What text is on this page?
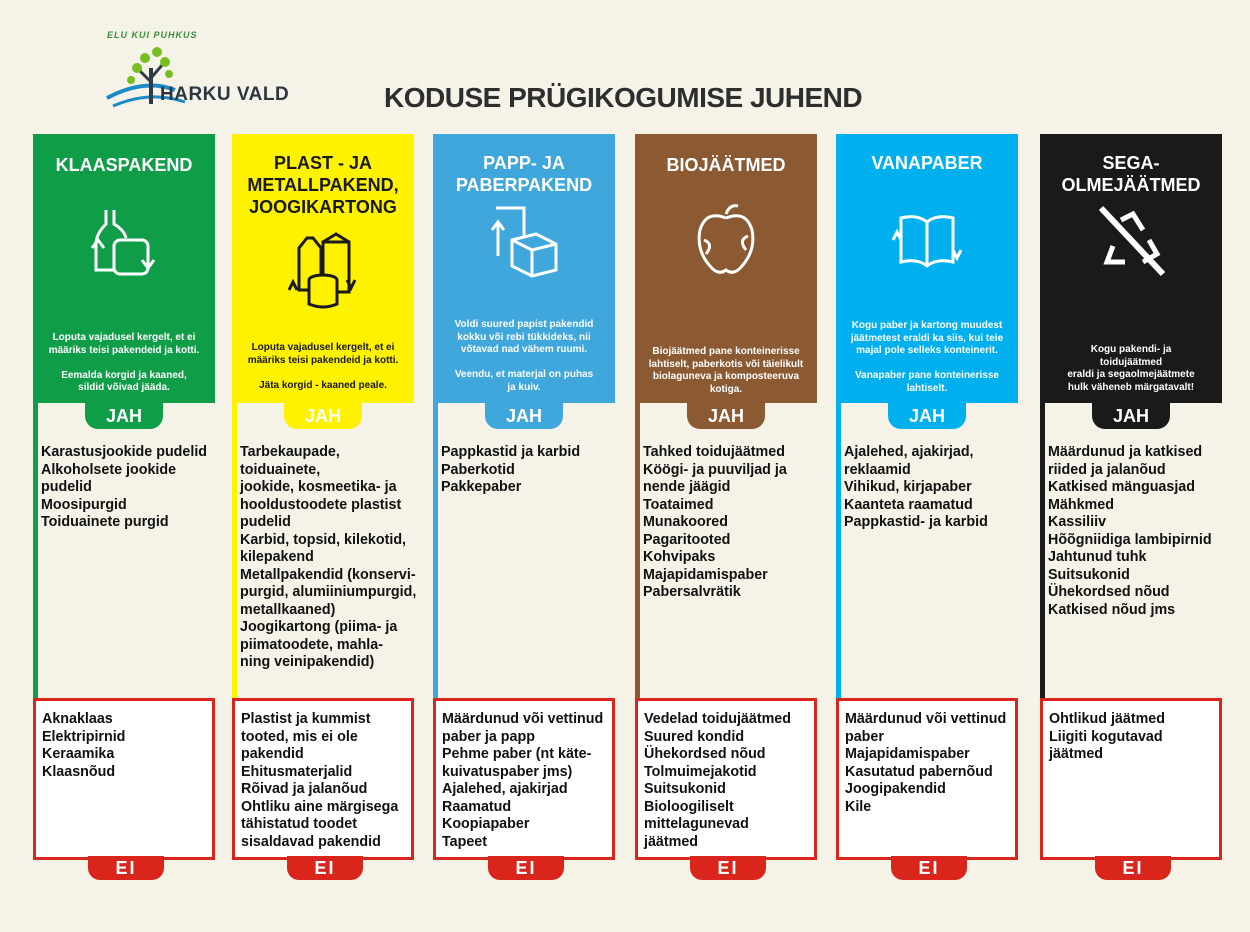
ELU KUI PUHKUS
HARKU VALD	KODUSE PRÜGIKOGUMISE JUHEND
KLAASPAKEND
Loputa vajadusel kergelt, et ei
määriks teisi pakendeid ja kotti.

Eemalda korgid ja kaaned,
sildid võivad jääda.
JAH
Karastusjookide pudelid
Alkoholsete jookide
pudelid
Moosipurgid
Toiduainete purgid
Aknaklaas
Elektripirnid
Keraamika
Klaasnõud
EI
PLAST - JA
METALLPAKEND,
JOOGIKARTONG
Loputa vajadusel kergelt, et ei
määriks teisi pakendeid ja kotti.

Jäta korgid - kaaned peale.
JAH
Tarbekaupade,
toiduainete,
jookide, kosmeetika- ja
hooldustoodete plastist
pudelid
Karbid, topsid, kilekotid,
kilepakend
Metallpakendid (konservi-
purgid, alumiiniumpurgid,
metallkaaned)
Joogikartong (piima- ja
piimatoodete, mahla-
ning veinipakendid)
Plastist ja kummist
tooted, mis ei ole
pakendid
Ehitusmaterjalid
Rõivad ja jalanõud
Ohtliku aine märgisega
tähistatud toodet
sisaldavad pakendid
EI
PAPP- JA
PABERPAKEND
Voldi suured papist pakendid
kokku või rebi tükkideks, nii
võtavad nad vähem ruumi.

Veendu, et materjal on puhas
ja kuiv.
JAH
Pappkastid ja karbid
Paberkotid
Pakkepaber
Määrdunud või vettinud
paber ja papp
Pehme paber (nt käte-
kuivatuspaber jms)
Ajalehed, ajakirjad
Raamatud
Koopiapaber
Tapeet
EI
BIOJÄÄTMED
Biojäätmed pane konteinerisse
lahtiselt, paberkotis või täielikult
biolaguneva ja komposteeruva
kotiga.
JAH
Tahked toidujäätmed
Köögi- ja puuviljad ja
nende jäägid
Toataimed
Munakoored
Pagaritooted
Kohvipaks
Majapidamispaber
Pabersalvrätik
Vedelad toidujäätmed
Suured kondid
Ühekordsed nõud
Tolmuimejakotid
Suitsukonid
Bioloogiliselt
mittelagunevad
jäätmed
EI
VANAPABER
Kogu paber ja kartong muudest
jäätmetest eraldi ka siis, kui teie
majal pole selleks konteinerit.

Vanapaber pane konteinerisse
lahtiselt.
JAH
Ajalehed, ajakirjad,
reklaamid
Vihikud, kirjapaber
Kaanteta raamatud
Pappkastid- ja karbid
Määrdunud või vettinud
paber
Majapidamispaber
Kasutatud pabernõud
Joogipakendid
Kile
EI
SEGA-
OLMEJÄÄTMED
Kogu pakendi- ja
toidujäätmed
eraldi ja segaolmejäätmete
hulk väheneb märgatavalt!
JAH
Määrdunud ja katkised
riided ja jalanõud
Katkised mänguasjad
Mähkmed
Kassiliiv
Hõõgniidiga lambipirnid
Jahtunud tuhk
Suitsukonid
Ühekordsed nõud
Katkised nõud jms
Ohtlikud jäätmed
Liigiti kogutavad
jäätmed
EI
